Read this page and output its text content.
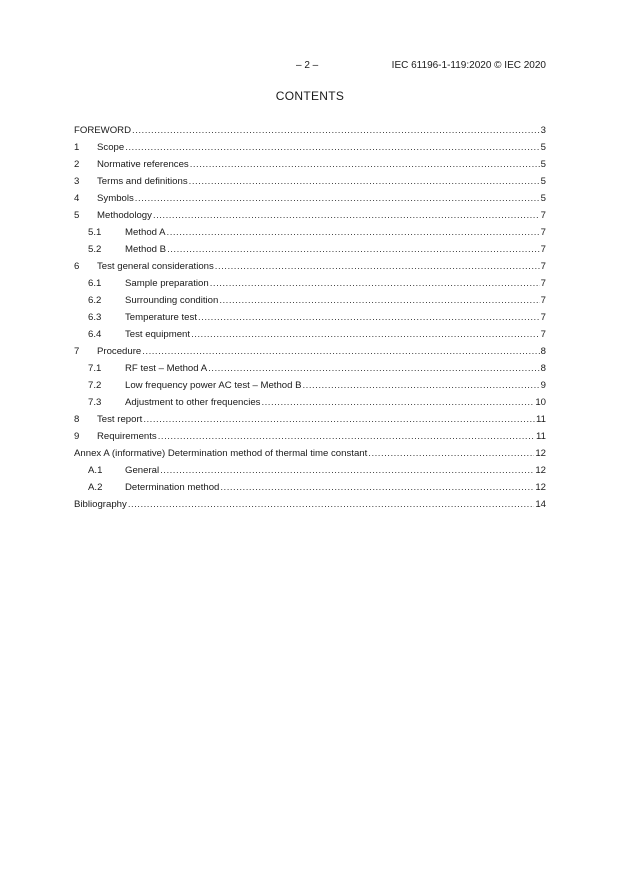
– 2 –	IEC 61196-1-119:2020 © IEC 2020
CONTENTS
FOREWORD .....	3
1	Scope .....	5
2	Normative references .....	5
3	Terms and definitions .....	5
4	Symbols .....	5
5	Methodology .....	7
5.1	Method A .....	7
5.2	Method B .....	7
6	Test general considerations .....	7
6.1	Sample preparation .....	7
6.2	Surrounding condition .....	7
6.3	Temperature test .....	7
6.4	Test equipment .....	7
7	Procedure .....	8
7.1	RF test – Method A .....	8
7.2	Low frequency power AC test – Method B .....	9
7.3	Adjustment to other frequencies .....	10
8	Test report .....	11
9	Requirements .....	11
Annex A (informative) Determination method of thermal time constant .....	12
A.1	General .....	12
A.2	Determination method .....	12
Bibliography .....	14
